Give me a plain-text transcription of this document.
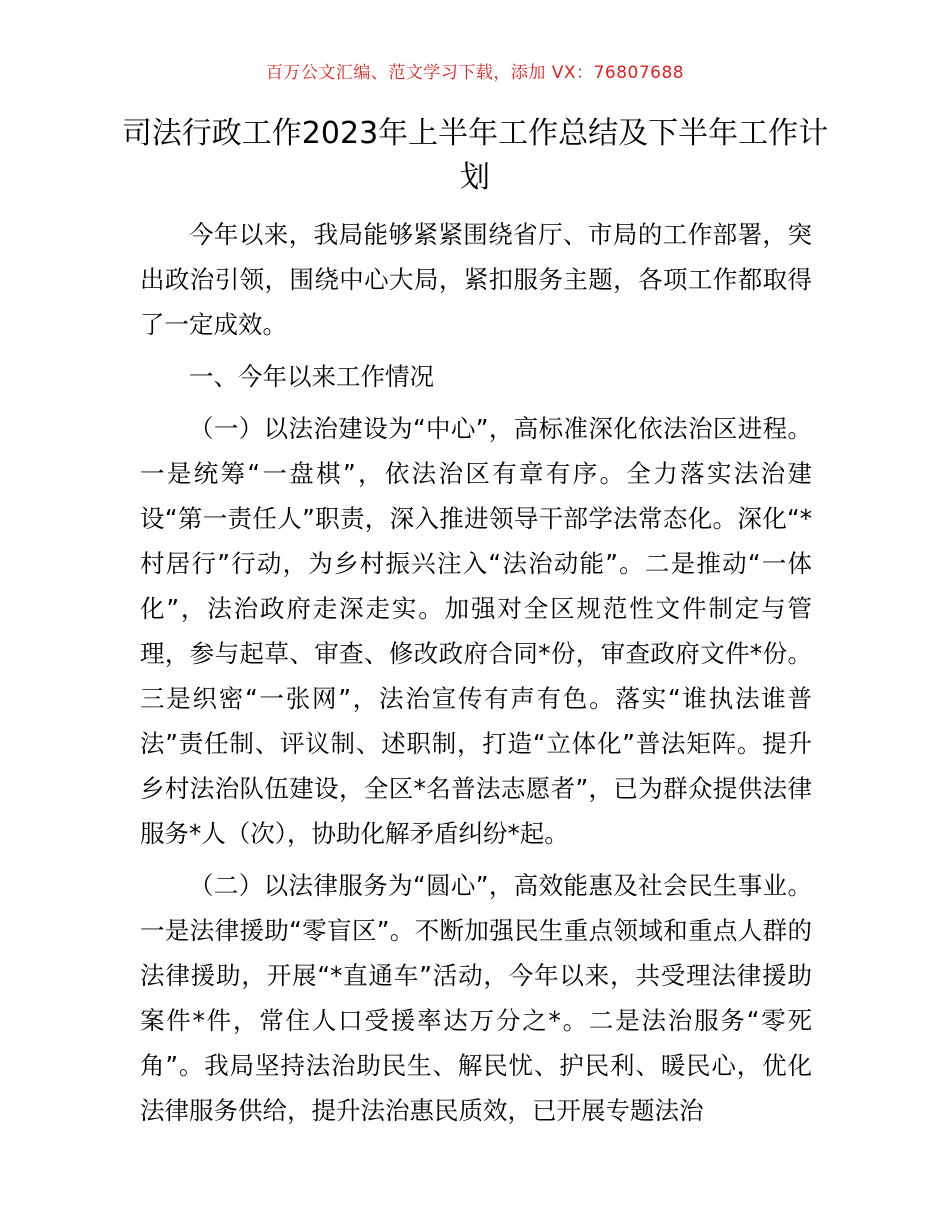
百万公文汇编、范文学习下载，添加 VX：76807688
司法行政工作2023年上半年工作总结及下半年工作计划

今年以来，我局能够紧紧围绕省厅、市局的工作部署，突出政治引领，围绕中心大局，紧扣服务主题，各项工作都取得了一定成效。

一、今年以来工作情况

（一）以法治建设为“中心”，高标准深化依法治区进程。一是统筹“一盘棋”，依法治区有章有序。全力落实法治建设“第一责任人”职责，深入推进领导干部学法常态化。深化“*村居行”行动，为乡村振兴注入“法治动能”。二是推动“一体化”，法治政府走深走实。加强对全区规范性文件制定与管理，参与起草、审查、修改政府合同*份，审查政府文件*份。三是织密“一张网”，法治宣传有声有色。落实“谁执法谁普法”责任制、评议制、述职制，打造“立体化”普法矩阵。提升乡村法治队伍建设，全区*名普法志愿者”，已为群众提供法律服务*人（次），协助化解矛盾纠纷*起。

（二）以法律服务为“圆心”，高效能惠及社会民生事业。一是法律援助“零盲区”。不断加强民生重点领域和重点人群的法律援助，开展“*直通车”活动，今年以来，共受理法律援助案件*件，常住人口受援率达万分之*。二是法治服务“零死角”。我局坚持法治助民生、解民忧、护民利、暖民心，优化法律服务供给，提升法治惠民质效，已开展专题法治
